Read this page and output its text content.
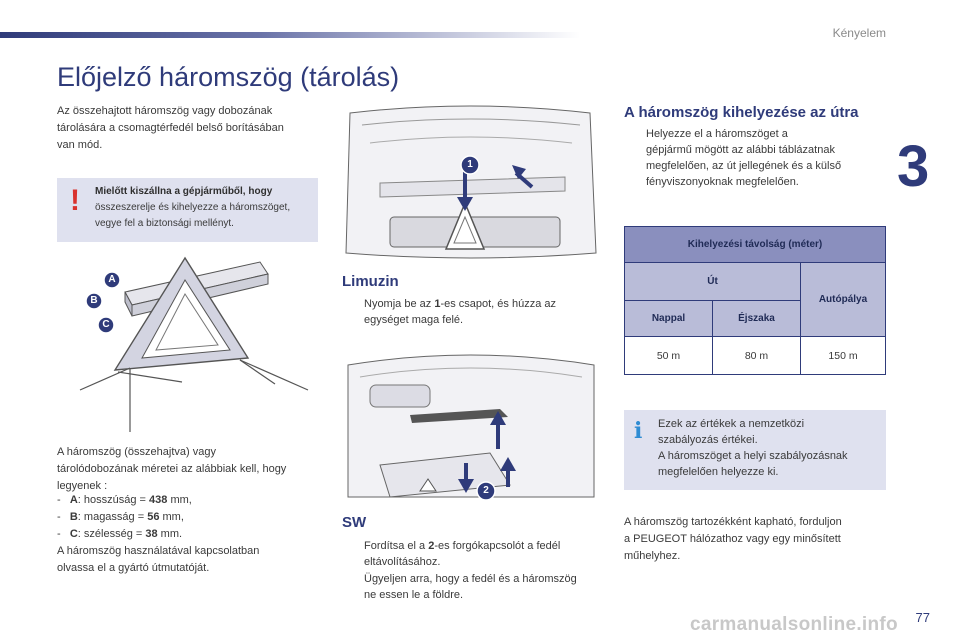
Kényelem
3
Előjelző háromszög (tárolás)
Az összehajtott háromszög vagy dobozának
tárolására a csomagtérfedél belső borításában
van mód.
! Mielőtt kiszállna a gépjárműből, hogy
összeszerelje és kihelyezze a háromszöget,
vegye fel a biztonsági mellényt.
A
B
C
A háromszög (összehajtva) vagy
tárolódobozának méretei az alábbiak kell, hogy
legyenek :
- A: hosszúság = 438 mm,
- B: magasság = 56 mm,
- C: szélesség = 38 mm.
A háromszög használatával kapcsolatban
olvassa el a gyártó útmutatóját.
1
Limuzin
Nyomja be az 1-es csapot, és húzza az
egységet maga felé.
2
SW
Fordítsa el a 2-es forgókapcsolót a fedél
eltávolításához.
Ügyeljen arra, hogy a fedél és a háromszög
ne essen le a földre.
A háromszög kihelyezése az útra
Helyezze el a háromszöget a
gépjármű mögött az alábbi táblázatnak
megfelelően, az út jellegének és a külső
fényviszonyoknak megfelelően.
Kihelyezési távolság (méter)		
Út		Autópálya
Nappal	Éjszaka	
50 m	80 m	150 m
i Ezek az értékek a nemzetközi
szabályozás értékei.
A háromszöget a helyi szabályozásnak
megfelelően helyezze ki.
A háromszög tartozékként kapható, forduljon
a PEUGEOT hálózathoz vagy egy minősített
műhelyhez.
carmanualsonline.info 77
